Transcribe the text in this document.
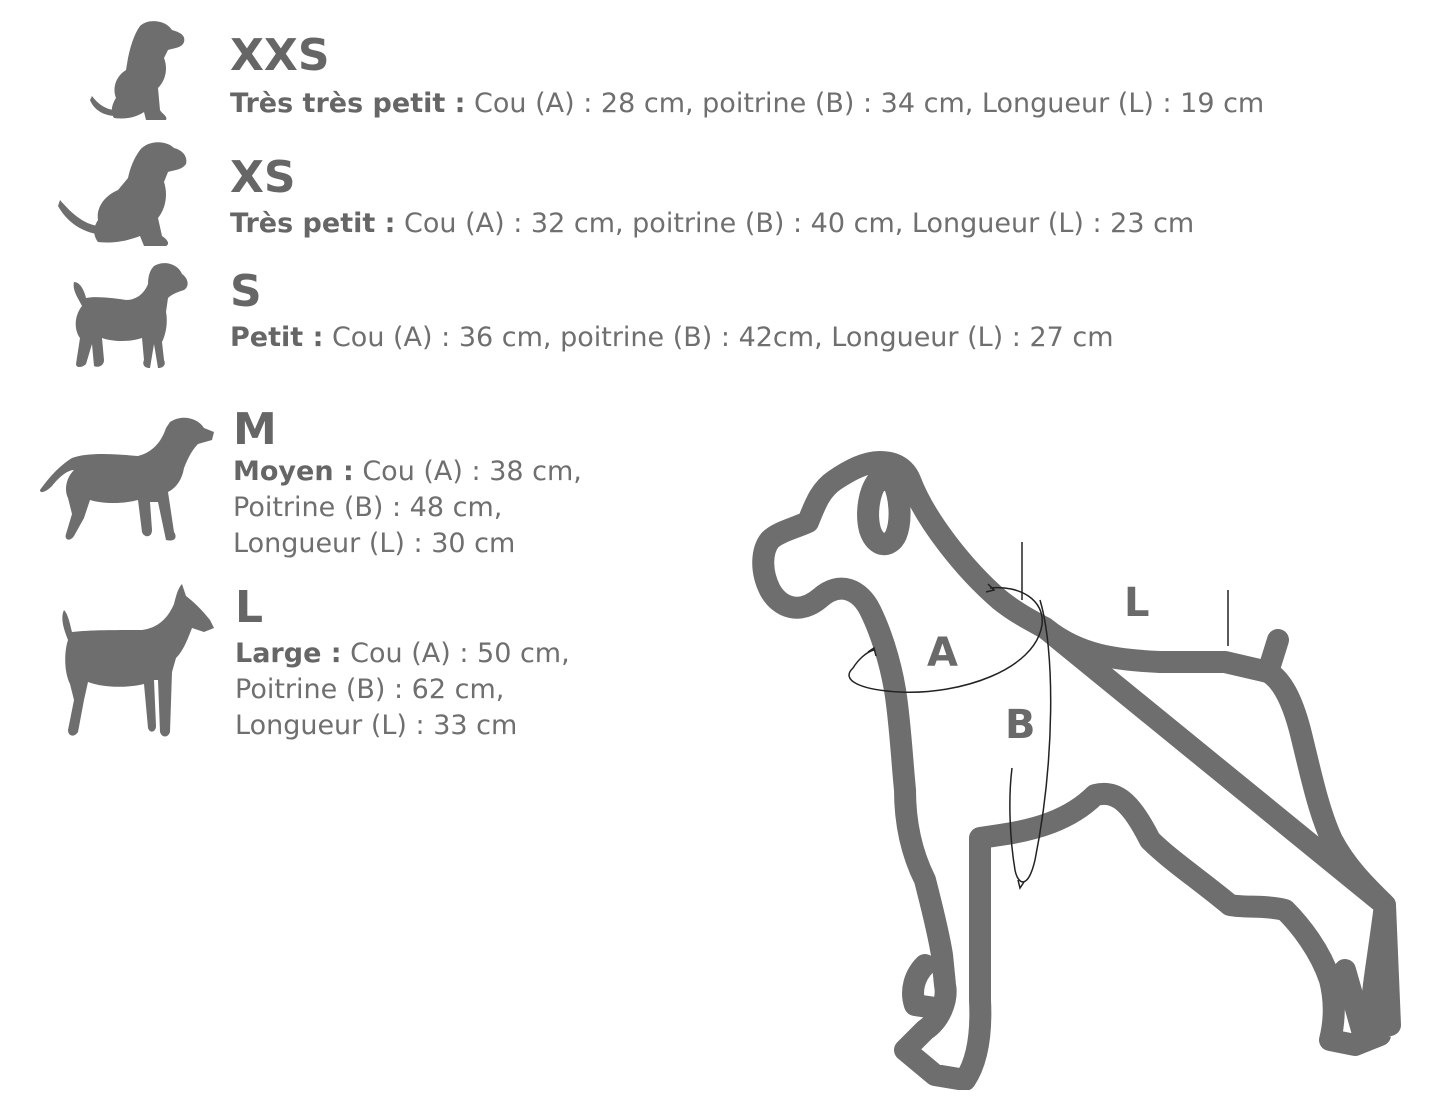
XXS
Très très petit : Cou (A) : 28 cm, poitrine (B) : 34 cm, Longueur (L) : 19 cm
XS
Très petit : Cou (A) : 32 cm, poitrine (B) : 40 cm, Longueur (L) : 23 cm
S
Petit : Cou (A) : 36 cm, poitrine (B) : 42cm, Longueur (L) : 27 cm
M
Moyen : Cou (A) : 38 cm,
Poitrine (B) : 48 cm,
Longueur (L) : 30 cm
L
Large : Cou (A) : 50 cm,
Poitrine (B) : 62 cm,
Longueur (L) : 33 cm
A
B
L
